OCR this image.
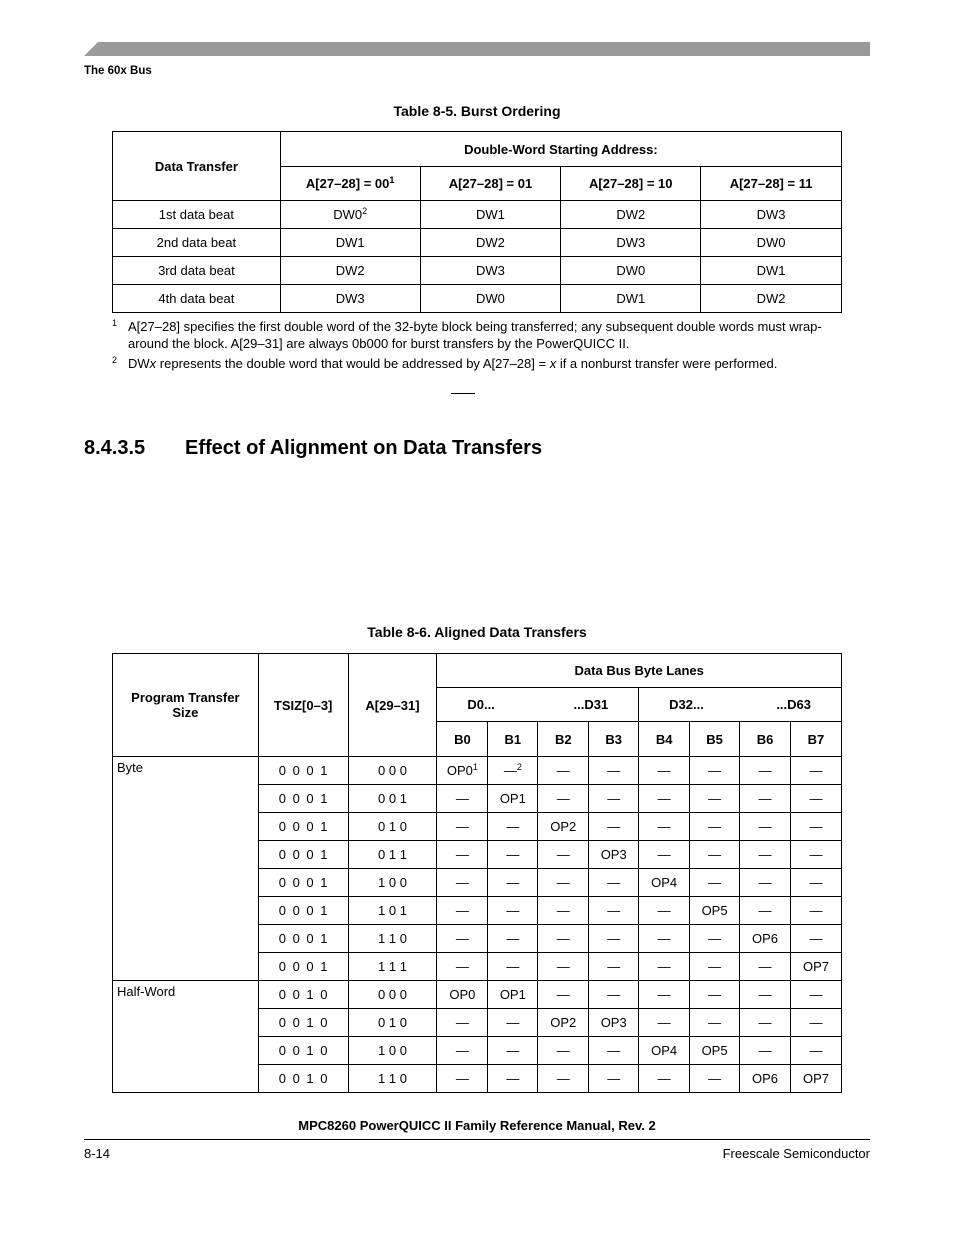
The 60x Bus
Table 8-5. Burst Ordering
Data Transfer	Double-Word Starting Address:			
	$A[27-28] = 00^1$	A[27–28] = 01	A[27–28] = 10	A[27–28] = 11
1st data beat	$DW0^2$	DW1	DW2	DW3
2nd data beat	DW1	DW2	DW3	DW0
3rd data beat	DW2	DW3	DW0	DW1
4th data beat	DW3	DW0	DW1	DW2
1 A[27–28] specifies the first double word of the 32-byte block being transferred; any subsequent double words must wrap-around the block. A[29–31] are always 0b000 for burst transfers by the PowerQUICC II.
2 DWx represents the double word that would be addressed by A[27–28] = x if a nonburst transfer were performed.
8.4.3.5 Effect of Alignment on Data Transfers
Table 8-6. Aligned Data Transfers
Program Transfer Size	TSIZ[0–3]	A[29–31]	Data Bus Byte Lanes							

			D0... ...D31				D32... ...D63			

			B0	B1	B2	B3	B4	B5	B6	B7
Byte	0 0 0 1	0 0 0	$OP0^1$	—$^2$	—	—	—	—	—	—
	0 0 0 1	0 0 1	—	OP1	—	—	—	—	—	—
	0 0 0 1	0 1 0	—	—	OP2	—	—	—	—	—
	0 0 0 1	0 1 1	—	—	—	OP3	—	—	—	—
	0 0 0 1	1 0 0	—	—	—	—	OP4	—	—	—
	0 0 0 1	1 0 1	—	—	—	—	—	OP5	—	—
	0 0 0 1	1 1 0	—	—	—	—	—	—	OP6	—
	0 0 0 1	1 1 1	—	—	—	—	—	—	—	OP7
Half-Word	0 0 1 0	0 0 0	OP0	OP1	—	—	—	—	—	—
	0 0 1 0	0 1 0	—	—	OP2	OP3	—	—	—	—
	0 0 1 0	1 0 0	—	—	—	—	OP4	OP5	—	—
	0 0 1 0	1 1 0	—	—	—	—	—	—	OP6	OP7
MPC8260 PowerQUICC II Family Reference Manual, Rev. 2
8-14	Freescale Semiconductor
